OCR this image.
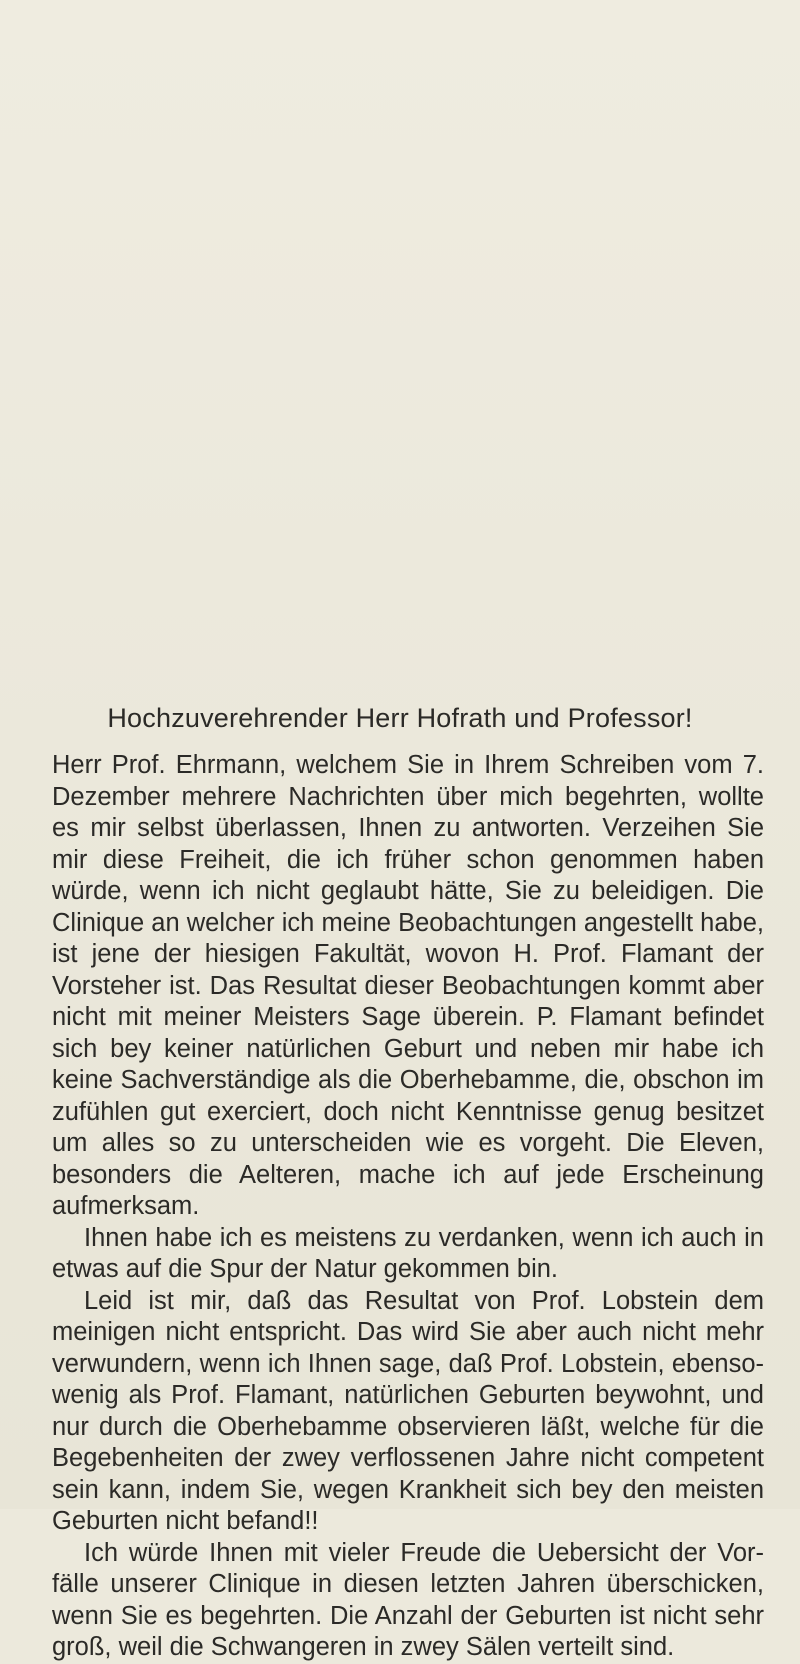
Hochzuverehrender Herr Hofrath und Professor!

Herr Prof. Ehrmann, welchem Sie in Ihrem Schreiben vom 7. Dezember mehrere Nachrichten über mich begehrten, wollte es mir selbst überlassen, Ihnen zu antworten. Verzeihen Sie mir diese Freiheit, die ich früher schon genommen haben würde, wenn ich nicht geglaubt hätte, Sie zu beleidigen. Die Clinique an welcher ich meine Beobachtungen angestellt habe, ist jene der hiesigen Fakultät, wovon H. Prof. Flamant der Vorsteher ist. Das Resultat dieser Beobachtungen kommt aber nicht mit meiner Meisters Sage überein. P. Flamant befindet sich bey keiner natürlichen Geburt und neben mir habe ich keine Sachverständige als die Oberhebamme, die, obschon im zufühlen gut exerciert, doch nicht Kenntnisse genug besitzet um alles so zu unterscheiden wie es vorgeht. Die Eleven, besonders die Aelteren, mache ich auf jede Erscheinung aufmerksam.

Ihnen habe ich es meistens zu verdanken, wenn ich auch in etwas auf die Spur der Natur gekommen bin.

Leid ist mir, daß das Resultat von Prof. Lobstein dem meinigen nicht entspricht. Das wird Sie aber auch nicht mehr verwundern, wenn ich Ihnen sage, daß Prof. Lobstein, ebensowenig als Prof. Flamant, natürlichen Geburten beywohnt, und nur durch die Oberhebamme observieren läßt, welche für die Begebenheiten der zwey verflossenen Jahre nicht competent sein kann, indem Sie, wegen Krankheit sich bey den meisten Geburten nicht befand!!

Ich würde Ihnen mit vieler Freude die Uebersicht der Vorfälle unserer Clinique in diesen letzten Jahren überschicken, wenn Sie es begehrten. Die Anzahl der Geburten ist nicht sehr groß, weil die Schwangeren in zwey Sälen verteilt sind.
